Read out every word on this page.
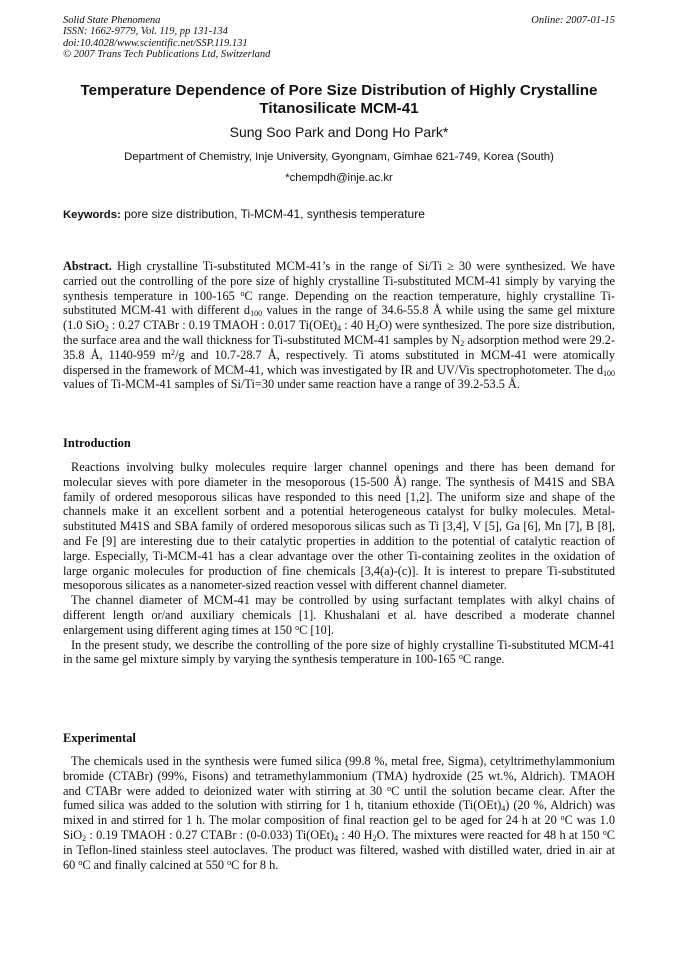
Solid State Phenomena
ISSN: 1662-9779, Vol. 119, pp 131-134
doi:10.4028/www.scientific.net/SSP.119.131
© 2007 Trans Tech Publications Ltd, Switzerland
Online: 2007-01-15
Temperature Dependence of Pore Size Distribution of Highly Crystalline
Titanosilicate MCM-41
Sung Soo Park and Dong Ho Park*
Department of Chemistry, Inje University, Gyongnam, Gimhae 621-749, Korea (South)
*chempdh@inje.ac.kr
Keywords: pore size distribution, Ti-MCM-41, synthesis temperature

Abstract. High crystalline Ti-substituted MCM-41’s in the range of Si/Ti ≥ 30 were synthesized. We have carried out the controlling of the pore size of highly crystalline Ti-substituted MCM-41 simply by varying the synthesis temperature in 100-165 $^o$C range. Depending on the reaction temperature, highly crystalline Ti-substituted MCM-41 with different $d_{100}$ values in the range of 34.6-55.8 Å while using the same gel mixture (1.0 SiO$_2$ : 0.27 CTABr : 0.19 TMAOH : 0.017 $Ti(OEt)_4$ : 40 $H_2O$) were synthesized. The pore size distribution, the surface area and the wall thickness for Ti-substituted MCM-41 samples by $N_2$ adsorption method were 29.2-35.8 Å, 1140-959 $m^2/g$ and 10.7-28.7 Å, respectively. Ti atoms substituted in MCM-41 were atomically dispersed in the framework of MCM-41, which was investigated by IR and UV/Vis spectrophotometer. The $d_{100}$ values of Ti-MCM-41 samples of Si/Ti=30 under same reaction have a range of 39.2-53.5 Å.

Introduction

Reactions involving bulky molecules require larger channel openings and there has been demand for molecular sieves with pore diameter in the mesoporous (15-500 Å) range. The synthesis of M41S and SBA family of ordered mesoporous silicas have responded to this need [1,2]. The uniform size and shape of the channels make it an excellent sorbent and a potential heterogeneous catalyst for bulky molecules. Metal-substituted M41S and SBA family of ordered mesoporous silicas such as Ti [3,4], V [5], Ga [6], Mn [7], B [8], and Fe [9] are interesting due to their catalytic properties in addition to the potential of catalytic reaction of large. Especially, Ti-MCM-41 has a clear advantage over the other Ti-containing zeolites in the oxidation of large organic molecules for production of fine chemicals [3,4(a)-(c)]. It is interest to prepare Ti-substituted mesoporous silicates as a nanometer-sized reaction vessel with different channel diameter.

The channel diameter of MCM-41 may be controlled by using surfactant templates with alkyl chains of different length or/and auxiliary chemicals [1]. Khushalani et al. have described a moderate channel enlargement using different aging times at 150 $^o$C [10].

In the present study, we describe the controlling of the pore size of highly crystalline Ti-substituted MCM-41 in the same gel mixture simply by varying the synthesis temperature in 100-165 $^o$C range.

Experimental

The chemicals used in the synthesis were fumed silica (99.8 %, metal free, Sigma), cetyltrimethylammonium bromide (CTABr) (99%, Fisons) and tetramethylammonium (TMA) hydroxide (25 wt.%, Aldrich). TMAOH and CTABr were added to deionized water with stirring at 30 $^o$C until the solution became clear. After the fumed silica was added to the solution with stirring for 1 h, titanium ethoxide $(Ti(OEt)_4)$ (20 %, Aldrich) was mixed in and stirred for 1 h. The molar composition of final reaction gel to be aged for 24 h at 20 $^o$C was 1.0 SiO$_2$ : 0.19 TMAOH : 0.27 CTABr : (0-0.033) $Ti(OEt)_4$ : 40 $H_2O$. The mixtures were reacted for 48 h at 150 $^o$C in Teflon-lined stainless steel autoclaves. The product was filtered, washed with distilled water, dried in air at 60 $^o$C and finally calcined at 550 $^o$C for 8 h.
